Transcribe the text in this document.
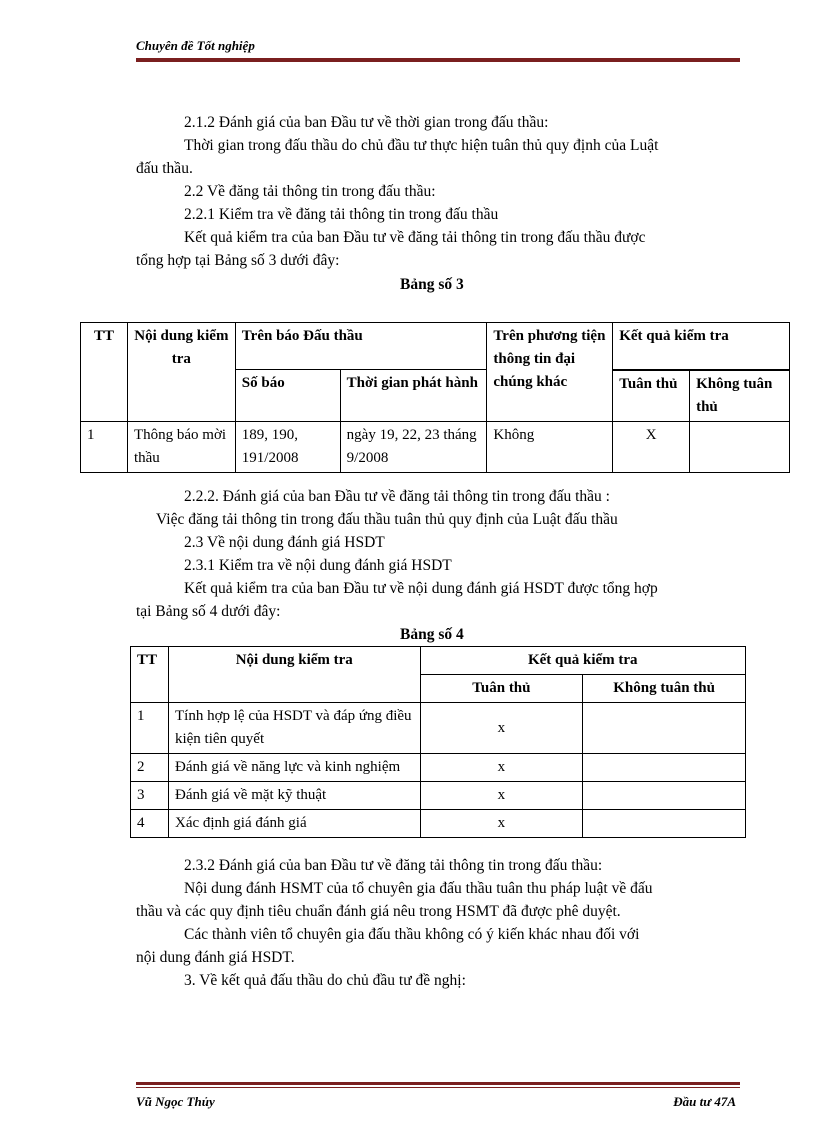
Chuyên đề Tốt nghiệp
2.1.2 Đánh giá của ban Đầu tư về thời gian trong đấu thầu:
Thời gian trong đấu thầu do chủ đầu tư thực hiện tuân thủ quy định của Luật
đấu thầu.
2.2 Về đăng tải thông tin trong đấu thầu:
2.2.1 Kiểm tra về đăng tải thông tin trong đấu thầu
Kết quả kiểm tra của ban Đầu tư về đăng tải thông tin trong đấu thầu được
tổng hợp tại Bảng số 3 dưới đây:
Bảng số 3
TT	Nội dung kiểm tra	Trên báo Đấu thầu		Trên phương tiện thông tin đại chúng khác	Kết quả kiểm tra	
		Số báo	Thời gian phát hành			
					Tuân thủ	Không tuân thủ
1	Thông báo mời thầu	189, 190, 191/2008	ngày 19, 22, 23 tháng 9/2008	Không	X	
2.2.2. Đánh giá của ban Đầu tư về đăng tải thông tin trong đấu thầu :
Việc đăng tải thông tin trong đấu thầu tuân thủ quy định của Luật đấu thầu
2.3 Về nội dung đánh giá HSDT
2.3.1 Kiểm tra về nội dung đánh giá HSDT
Kết quả kiểm tra của ban Đầu tư về nội dung đánh giá HSDT được tổng hợp
tại Bảng số 4 dưới đây:
Bảng số 4
TT	Nội dung kiểm tra	Kết quả kiểm tra	
		Tuân thủ	Không tuân thủ
1	Tính hợp lệ của HSDT và đáp ứng điều kiện tiên quyết	x	
2	Đánh giá về năng lực và kinh nghiệm	x	
3	Đánh giá về mặt kỹ thuật	x	
4	Xác định giá đánh giá	x	
2.3.2 Đánh giá của ban Đầu tư về đăng tải thông tin trong đấu thầu:
Nội dung đánh HSMT của tổ chuyên gia đấu thầu tuân thu pháp luật về đấu
thầu và các quy định tiêu chuẩn đánh giá nêu trong HSMT đã được phê duyệt.
Các thành viên tổ chuyên gia đấu thầu không có ý kiến khác nhau đối với
nội dung đánh giá HSDT.
3. Về kết quả đấu thầu do chủ đầu tư đề nghị:
Vũ Ngọc Thủy	Đầu tư 47A
